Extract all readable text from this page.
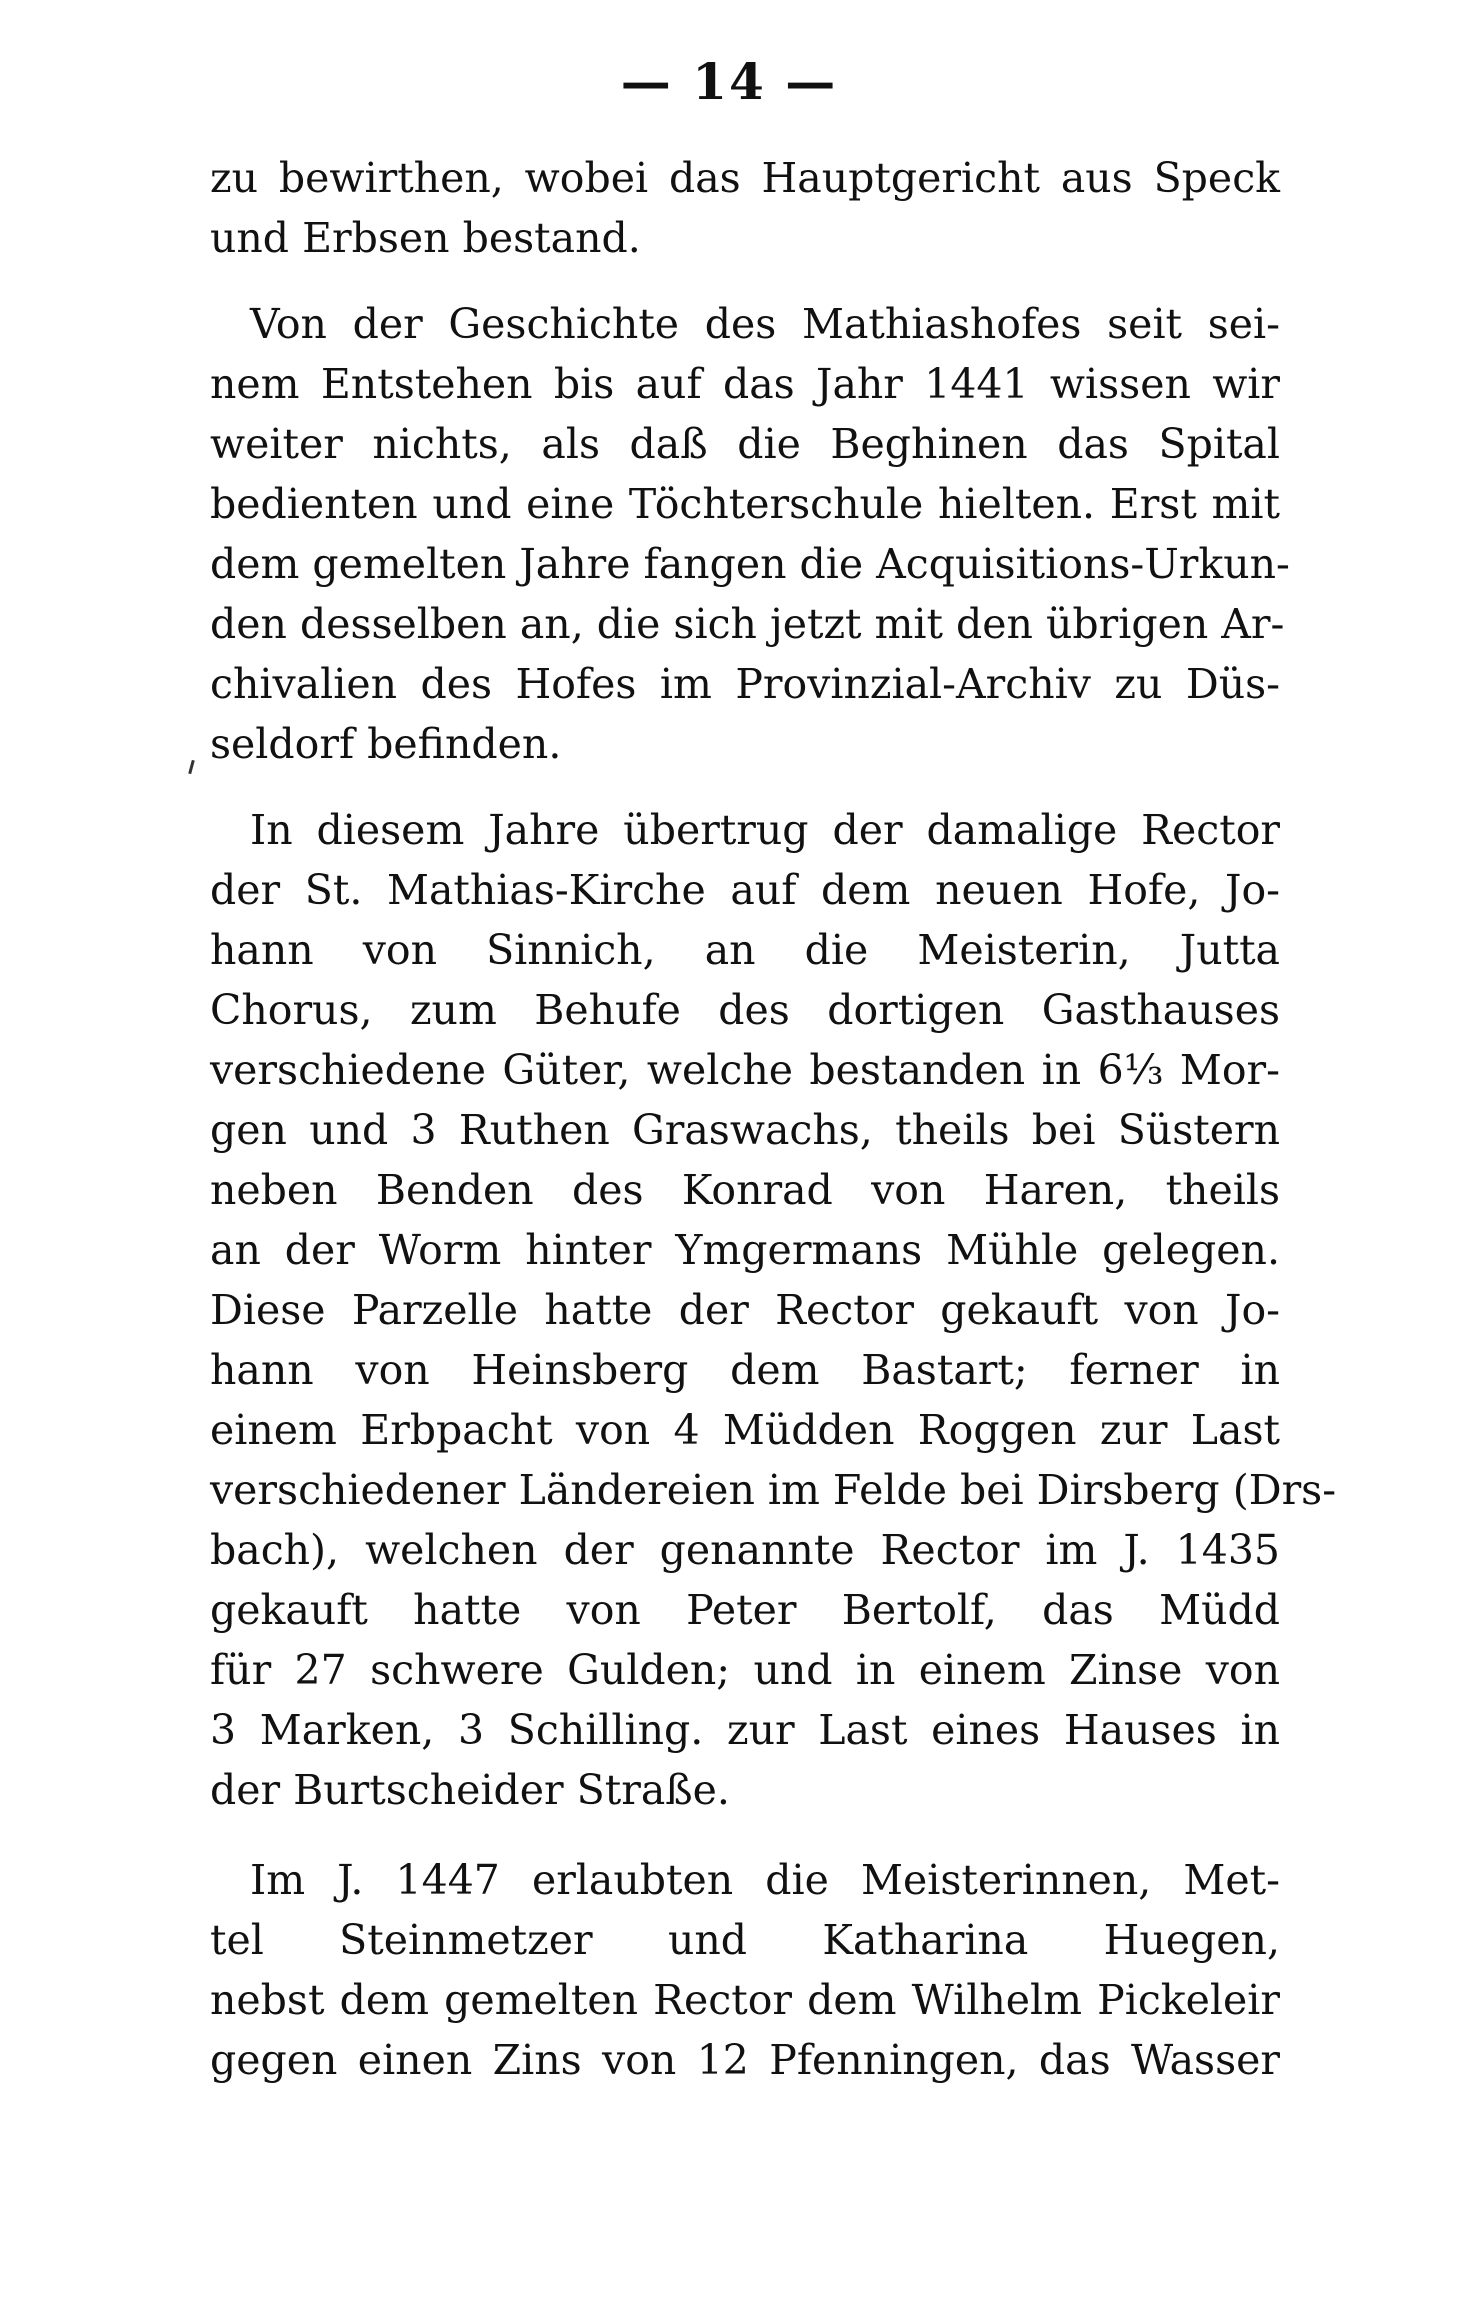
— 14 —
zu bewirthen, wobei das Hauptgericht aus Speck
und Erbsen bestand.
Von der Geschichte des Mathiashofes seit sei-
nem Entstehen bis auf das Jahr 1441 wissen wir
weiter nichts, als daß die Beghinen das Spital
bedienten und eine Töchterschule hielten. Erst mit
dem gemelten Jahre fangen die Acquisitions-Urkun-
den desselben an, die sich jetzt mit den übrigen Ar-
chivalien des Hofes im Provinzial-Archiv zu Düs-
seldorf befinden.
In diesem Jahre übertrug der damalige Rector
der St. Mathias-Kirche auf dem neuen Hofe, Jo-
hann von Sinnich, an die Meisterin, Jutta
Chorus, zum Behufe des dortigen Gasthauses
verschiedene Güter, welche bestanden in 6⅓ Mor-
gen und 3 Ruthen Graswachs, theils bei Süstern
neben Benden des Konrad von Haren, theils
an der Worm hinter Ymgermans Mühle gelegen.
Diese Parzelle hatte der Rector gekauft von Jo-
hann von Heinsberg dem Bastart; ferner in
einem Erbpacht von 4 Müdden Roggen zur Last
verschiedener Ländereien im Felde bei Dirsberg (Drs-
bach), welchen der genannte Rector im J. 1435
gekauft hatte von Peter Bertolf, das Müdd
für 27 schwere Gulden; und in einem Zinse von
3 Marken, 3 Schilling. zur Last eines Hauses in
der Burtscheider Straße.
Im J. 1447 erlaubten die Meisterinnen, Met-
tel Steinmetzer und Katharina Huegen,
nebst dem gemelten Rector dem Wilhelm Pickeleir
gegen einen Zins von 12 Pfenningen, das Wasser
